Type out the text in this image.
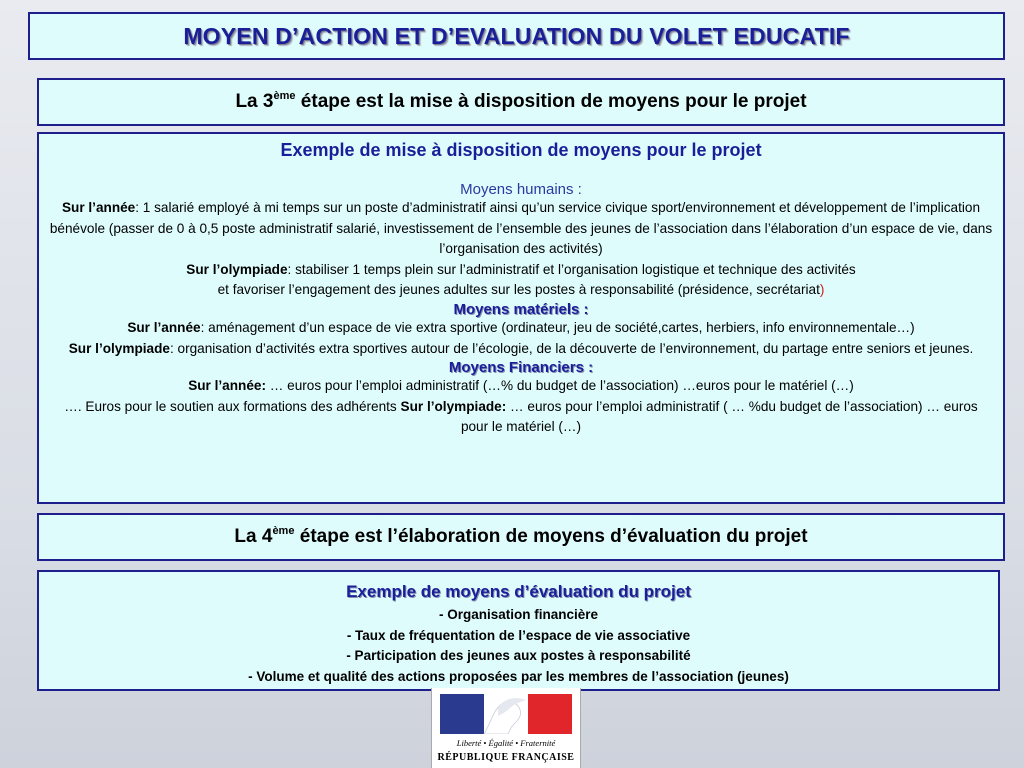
MOYEN D’ACTION ET D’EVALUATION DU VOLET EDUCATIF
La 3ème étape est la mise à disposition de moyens pour le projet
Exemple de mise à disposition de moyens pour le projet
Moyens humains :

Sur l’année: 1 salarié employé à mi temps sur un poste d’administratif ainsi qu’un service civique sport/environnement et développement de l’implication bénévole (passer de 0 à 0,5 poste administratif salarié, investissement de l’ensemble des jeunes de l’association dans l’élaboration d’un espace de vie, dans l’organisation des activités)

Sur l’olympiade: stabiliser 1 temps plein sur l’administratif et l’organisation logistique et technique des activités
et favoriser l’engagement des jeunes adultes sur les postes à responsabilité (présidence, secrétariat)

Moyens matériels :

Sur l’année: aménagement d’un espace de vie extra sportive (ordinateur, jeu de société,cartes, herbiers, info environnementale…)

Sur l’olympiade: organisation d’activités extra sportives autour de l’écologie, de la découverte de l’environnement, du partage entre seniors et jeunes.

Moyens Financiers :

Sur l’année: … euros pour l’emploi administratif (…% du budget de l’association) …euros pour le matériel (…)
…. Euros pour le soutien aux formations des adhérents Sur l’olympiade: … euros pour l’emploi administratif ( … %du budget de l’association) … euros pour le matériel (…)

La 4ème étape est l’élaboration de moyens d’évaluation du projet
Exemple de moyens d’évaluation du projet
- Organisation financière
- Taux de fréquentation de l’espace de vie associative
- Participation des jeunes aux postes à responsabilité
- Volume et qualité des actions proposées par les membres de l’association (jeunes)
Liberté • Égalité • Fraternité
RÉPUBLIQUE FRANÇAISE
